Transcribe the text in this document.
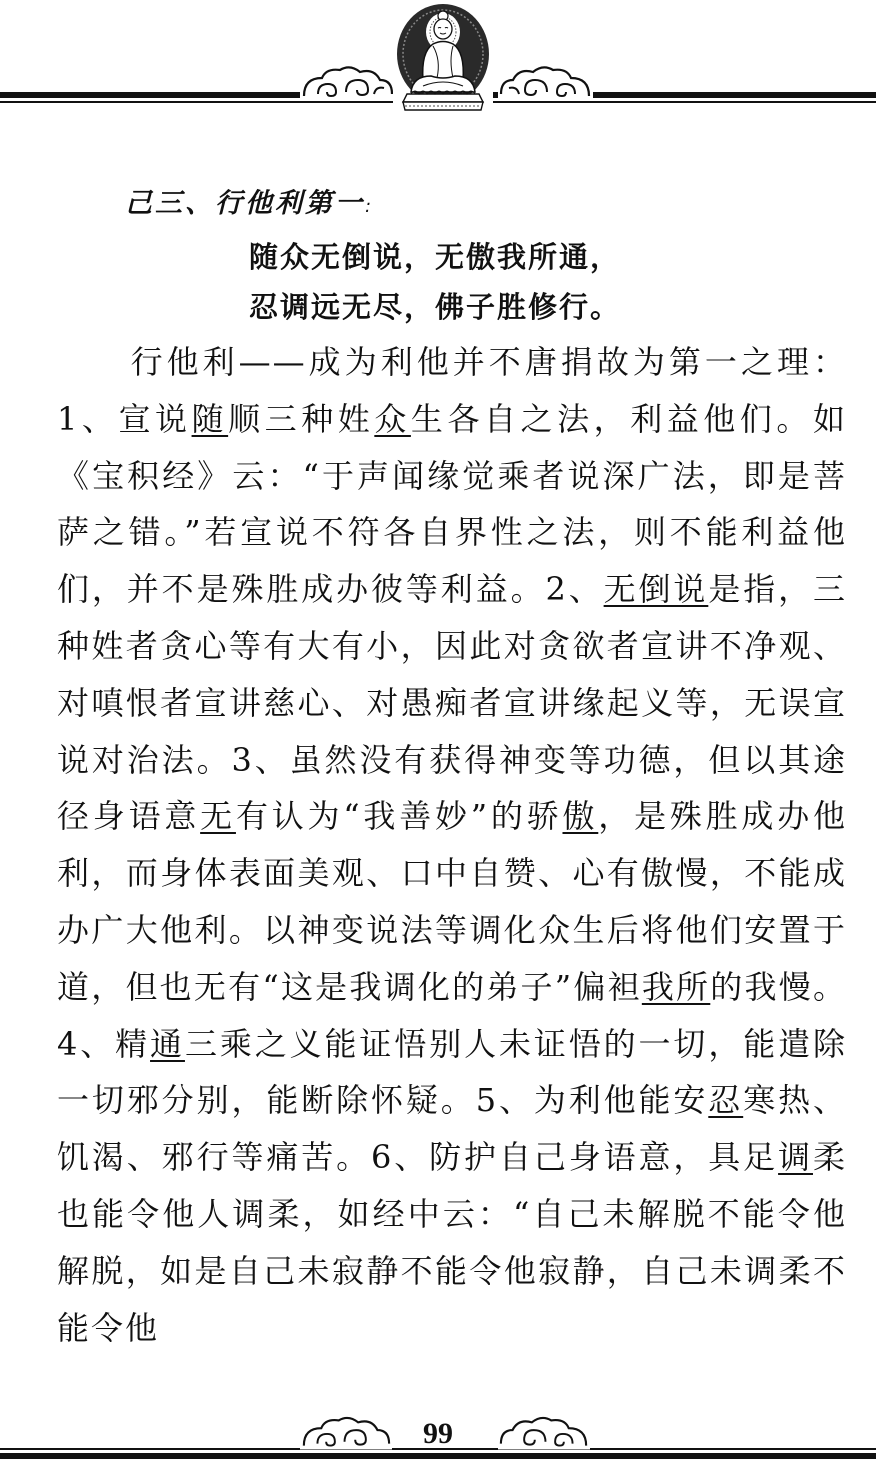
己三、行他利第一:
随众无倒说，无傲我所通，
忍调远无尽，佛子胜修行。

行他利——成为利他并不唐捐故为第一之理：1、宣说随顺三种姓众生各自之法，利益他们。如《宝积经》云：“于声闻缘觉乘者说深广法，即是菩萨之错。”若宣说不符各自界性之法，则不能利益他们，并不是殊胜成办彼等利益。2、无倒说是指，三种姓者贪心等有大有小，因此对贪欲者宣讲不净观、对嗔恨者宣讲慈心、对愚痴者宣讲缘起义等，无误宣说对治法。3、虽然没有获得神变等功德，但以其途径身语意无有认为“我善妙”的骄傲，是殊胜成办他利，而身体表面美观、口中自赞、心有傲慢，不能成办广大他利。以神变说法等调化众生后将他们安置于道，但也无有“这是我调化的弟子”偏袒我所的我慢。4、精通三乘之义能证悟别人未证悟的一切，能遣除一切邪分别，能断除怀疑。5、为利他能安忍寒热、饥渴、邪行等痛苦。6、防护自己身语意，具足调柔也能令他人调柔，如经中云：“自己未解脱不能令他解脱，如是自己未寂静不能令他寂静，自己未调柔不能令他

99
